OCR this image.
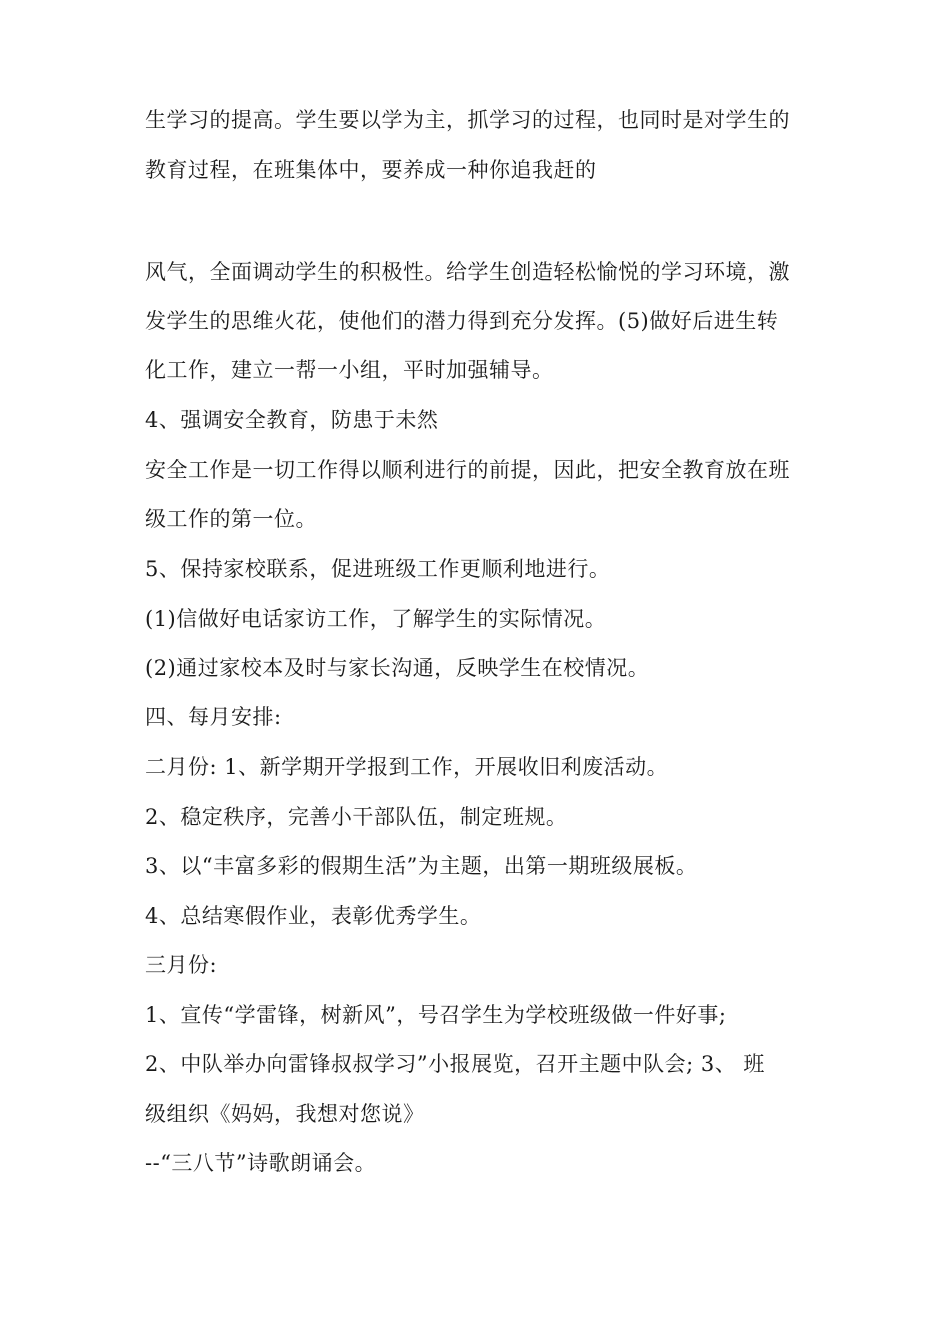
生学习的提高。学生要以学为主，抓学习的过程，也同时是对学生的
教育过程，在班集体中，要养成一种你追我赶的
风气，全面调动学生的积极性。给学生创造轻松愉悦的学习环境，激
发学生的思维火花，使他们的潜力得到充分发挥。(5)做好后进生转
化工作，建立一帮一小组，平时加强辅导。
4、强调安全教育，防患于未然
安全工作是一切工作得以顺利进行的前提，因此，把安全教育放在班
级工作的第一位。
5、保持家校联系，促进班级工作更顺利地进行。
(1)信做好电话家访工作，了解学生的实际情况。
(2)通过家校本及时与家长沟通，反映学生在校情况。
四、每月安排:
二月份: 1、新学期开学报到工作，开展收旧利废活动。
2、稳定秩序，完善小干部队伍，制定班规。
3、以“丰富多彩的假期生活”为主题，出第一期班级展板。
4、总结寒假作业，表彰优秀学生。
三月份:
1、宣传“学雷锋，树新风”，号召学生为学校班级做一件好事;
2、中队举办向雷锋叔叔学习”小报展览，召开主题中队会; 3、 班
级组织《妈妈，我想对您说》
--“三八节”诗歌朗诵会。
